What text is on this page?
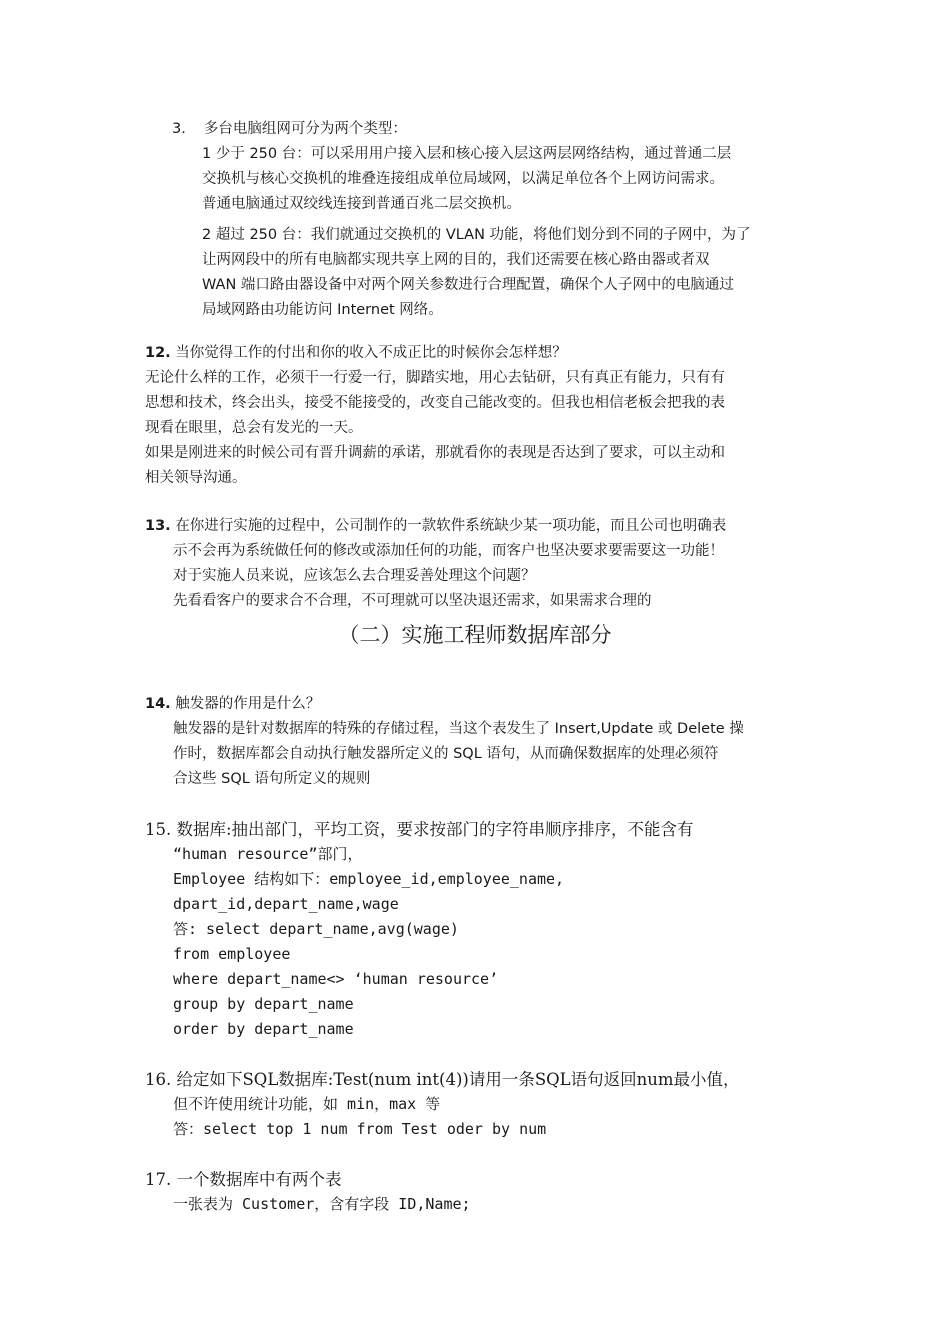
3. 多台电脑组网可分为两个类型：
1 少于 250 台：可以采用用户接入层和核心接入层这两层网络结构，通过普通二层
交换机与核心交换机的堆叠连接组成单位局域网，以满足单位各个上网访问需求。
普通电脑通过双绞线连接到普通百兆二层交换机。
2 超过 250 台：我们就通过交换机的 VLAN 功能，将他们划分到不同的子网中，为了
让两网段中的所有电脑都实现共享上网的目的，我们还需要在核心路由器或者双
WAN 端口路由器设备中对两个网关参数进行合理配置，确保个人子网中的电脑通过
局域网路由功能访问 Internet 网络。
12. 当你觉得工作的付出和你的收入不成正比的时候你会怎样想？
无论什么样的工作，必须干一行爱一行，脚踏实地，用心去钻研，只有真正有能力，只有有
思想和技术，终会出头，接受不能接受的，改变自己能改变的。但我也相信老板会把我的表
现看在眼里，总会有发光的一天。
如果是刚进来的时候公司有晋升调薪的承诺，那就看你的表现是否达到了要求，可以主动和
相关领导沟通。
13. 在你进行实施的过程中，公司制作的一款软件系统缺少某一项功能，而且公司也明确表
示不会再为系统做任何的修改或添加任何的功能，而客户也坚决要求要需要这一功能！
对于实施人员来说，应该怎么去合理妥善处理这个问题？
先看看客户的要求合不合理，不可理就可以坚决退还需求，如果需求合理的
（二）实施工程师数据库部分
14. 触发器的作用是什么？
触发器的是针对数据库的特殊的存储过程，当这个表发生了 Insert,Update 或 Delete 操
作时，数据库都会自动执行触发器所定义的 SQL 语句，从而确保数据库的处理必须符
合这些 SQL 语句所定义的规则
15. 数据库:抽出部门，平均工资，要求按部门的字符串顺序排序，不能含有
“human resource”部门，
Employee 结构如下：employee_id,employee_name,
dpart_id,depart_name,wage
答: select depart_name,avg(wage)
from employee
where depart_name<> ‘human resource’
group by depart_name
order by depart_name
16. 给定如下SQL数据库:Test(num int(4))请用一条SQL语句返回num最小值，
但不许使用统计功能，如 min，max 等
答：select top 1 num from Test oder by num
17. 一个数据库中有两个表
一张表为 Customer，含有字段 ID,Name;
